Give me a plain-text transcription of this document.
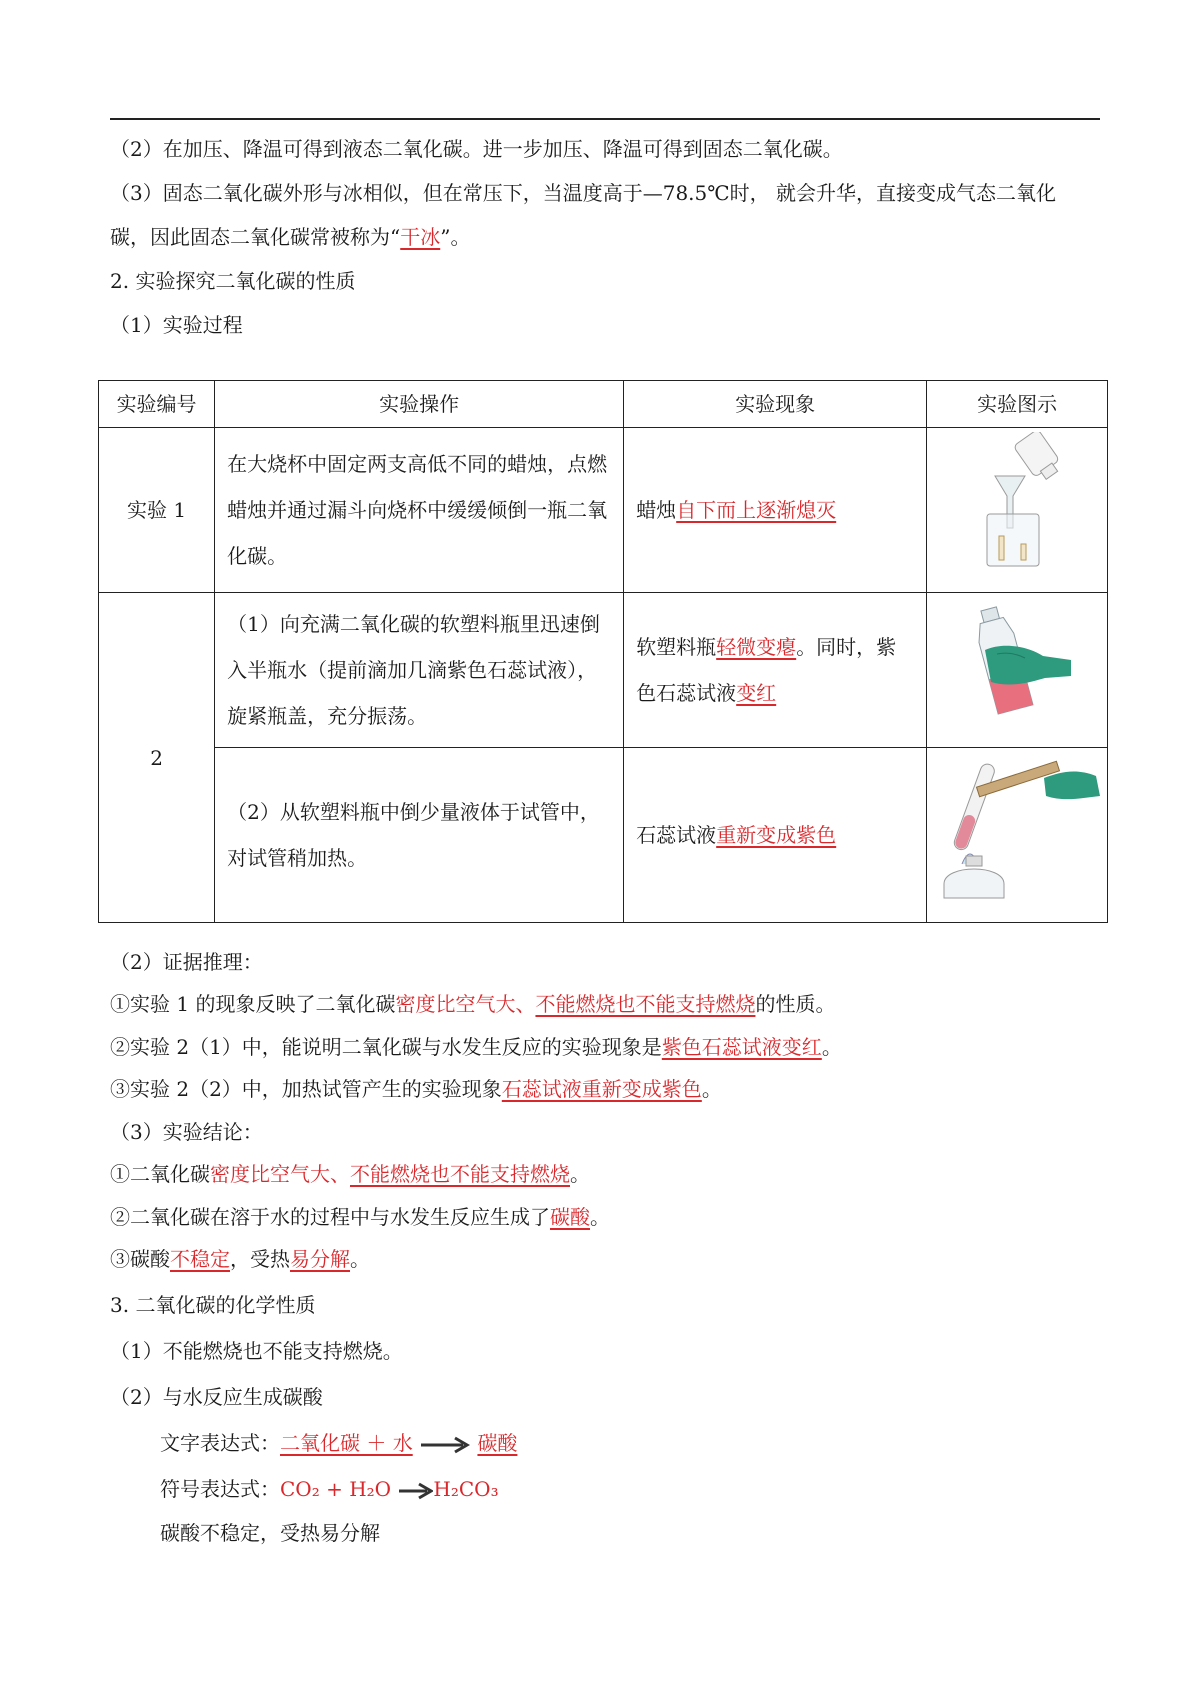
（2）在加压、降温可得到液态二氧化碳。进一步加压、降温可得到固态二氧化碳。
（3）固态二氧化碳外形与冰相似，但在常压下，当温度高于—78.5℃时， 就会升华，直接变成气态二氧化
碳，因此固态二氧化碳常被称为“干冰”。
2. 实验探究二氧化碳的性质
（1）实验过程
实验编号	实验操作	实验现象	实验图示
实验 1	在大烧杯中固定两支高低不同的蜡烛，点燃蜡烛并通过漏斗向烧杯中缓缓倾倒一瓶二氧化碳。	蜡烛自下而上逐渐熄灭	
2	（1）向充满二氧化碳的软塑料瓶里迅速倒入半瓶水（提前滴加几滴紫色石蕊试液），旋紧瓶盖，充分振荡。	软塑料瓶轻微变瘪。同时，紫色石蕊试液变红	
	（2）从软塑料瓶中倒少量液体于试管中，对试管稍加热。	石蕊试液重新变成紫色	
（2）证据推理：
①实验 1 的现象反映了二氧化碳密度比空气大、不能燃烧也不能支持燃烧的性质。
②实验 2（1）中，能说明二氧化碳与水发生反应的实验现象是紫色石蕊试液变红。
③实验 2（2）中，加热试管产生的实验现象石蕊试液重新变成紫色。
（3）实验结论：
①二氧化碳密度比空气大、不能燃烧也不能支持燃烧。
②二氧化碳在溶于水的过程中与水发生反应生成了碳酸。
③碳酸不稳定，受热易分解。
3. 二氧化碳的化学性质
（1）不能燃烧也不能支持燃烧。
（2）与水反应生成碳酸
文字表达式：二氧化碳 ＋ 水	碳酸
符号表达式：CO₂ + H₂O H₂CO₃
碳酸不稳定，受热易分解
